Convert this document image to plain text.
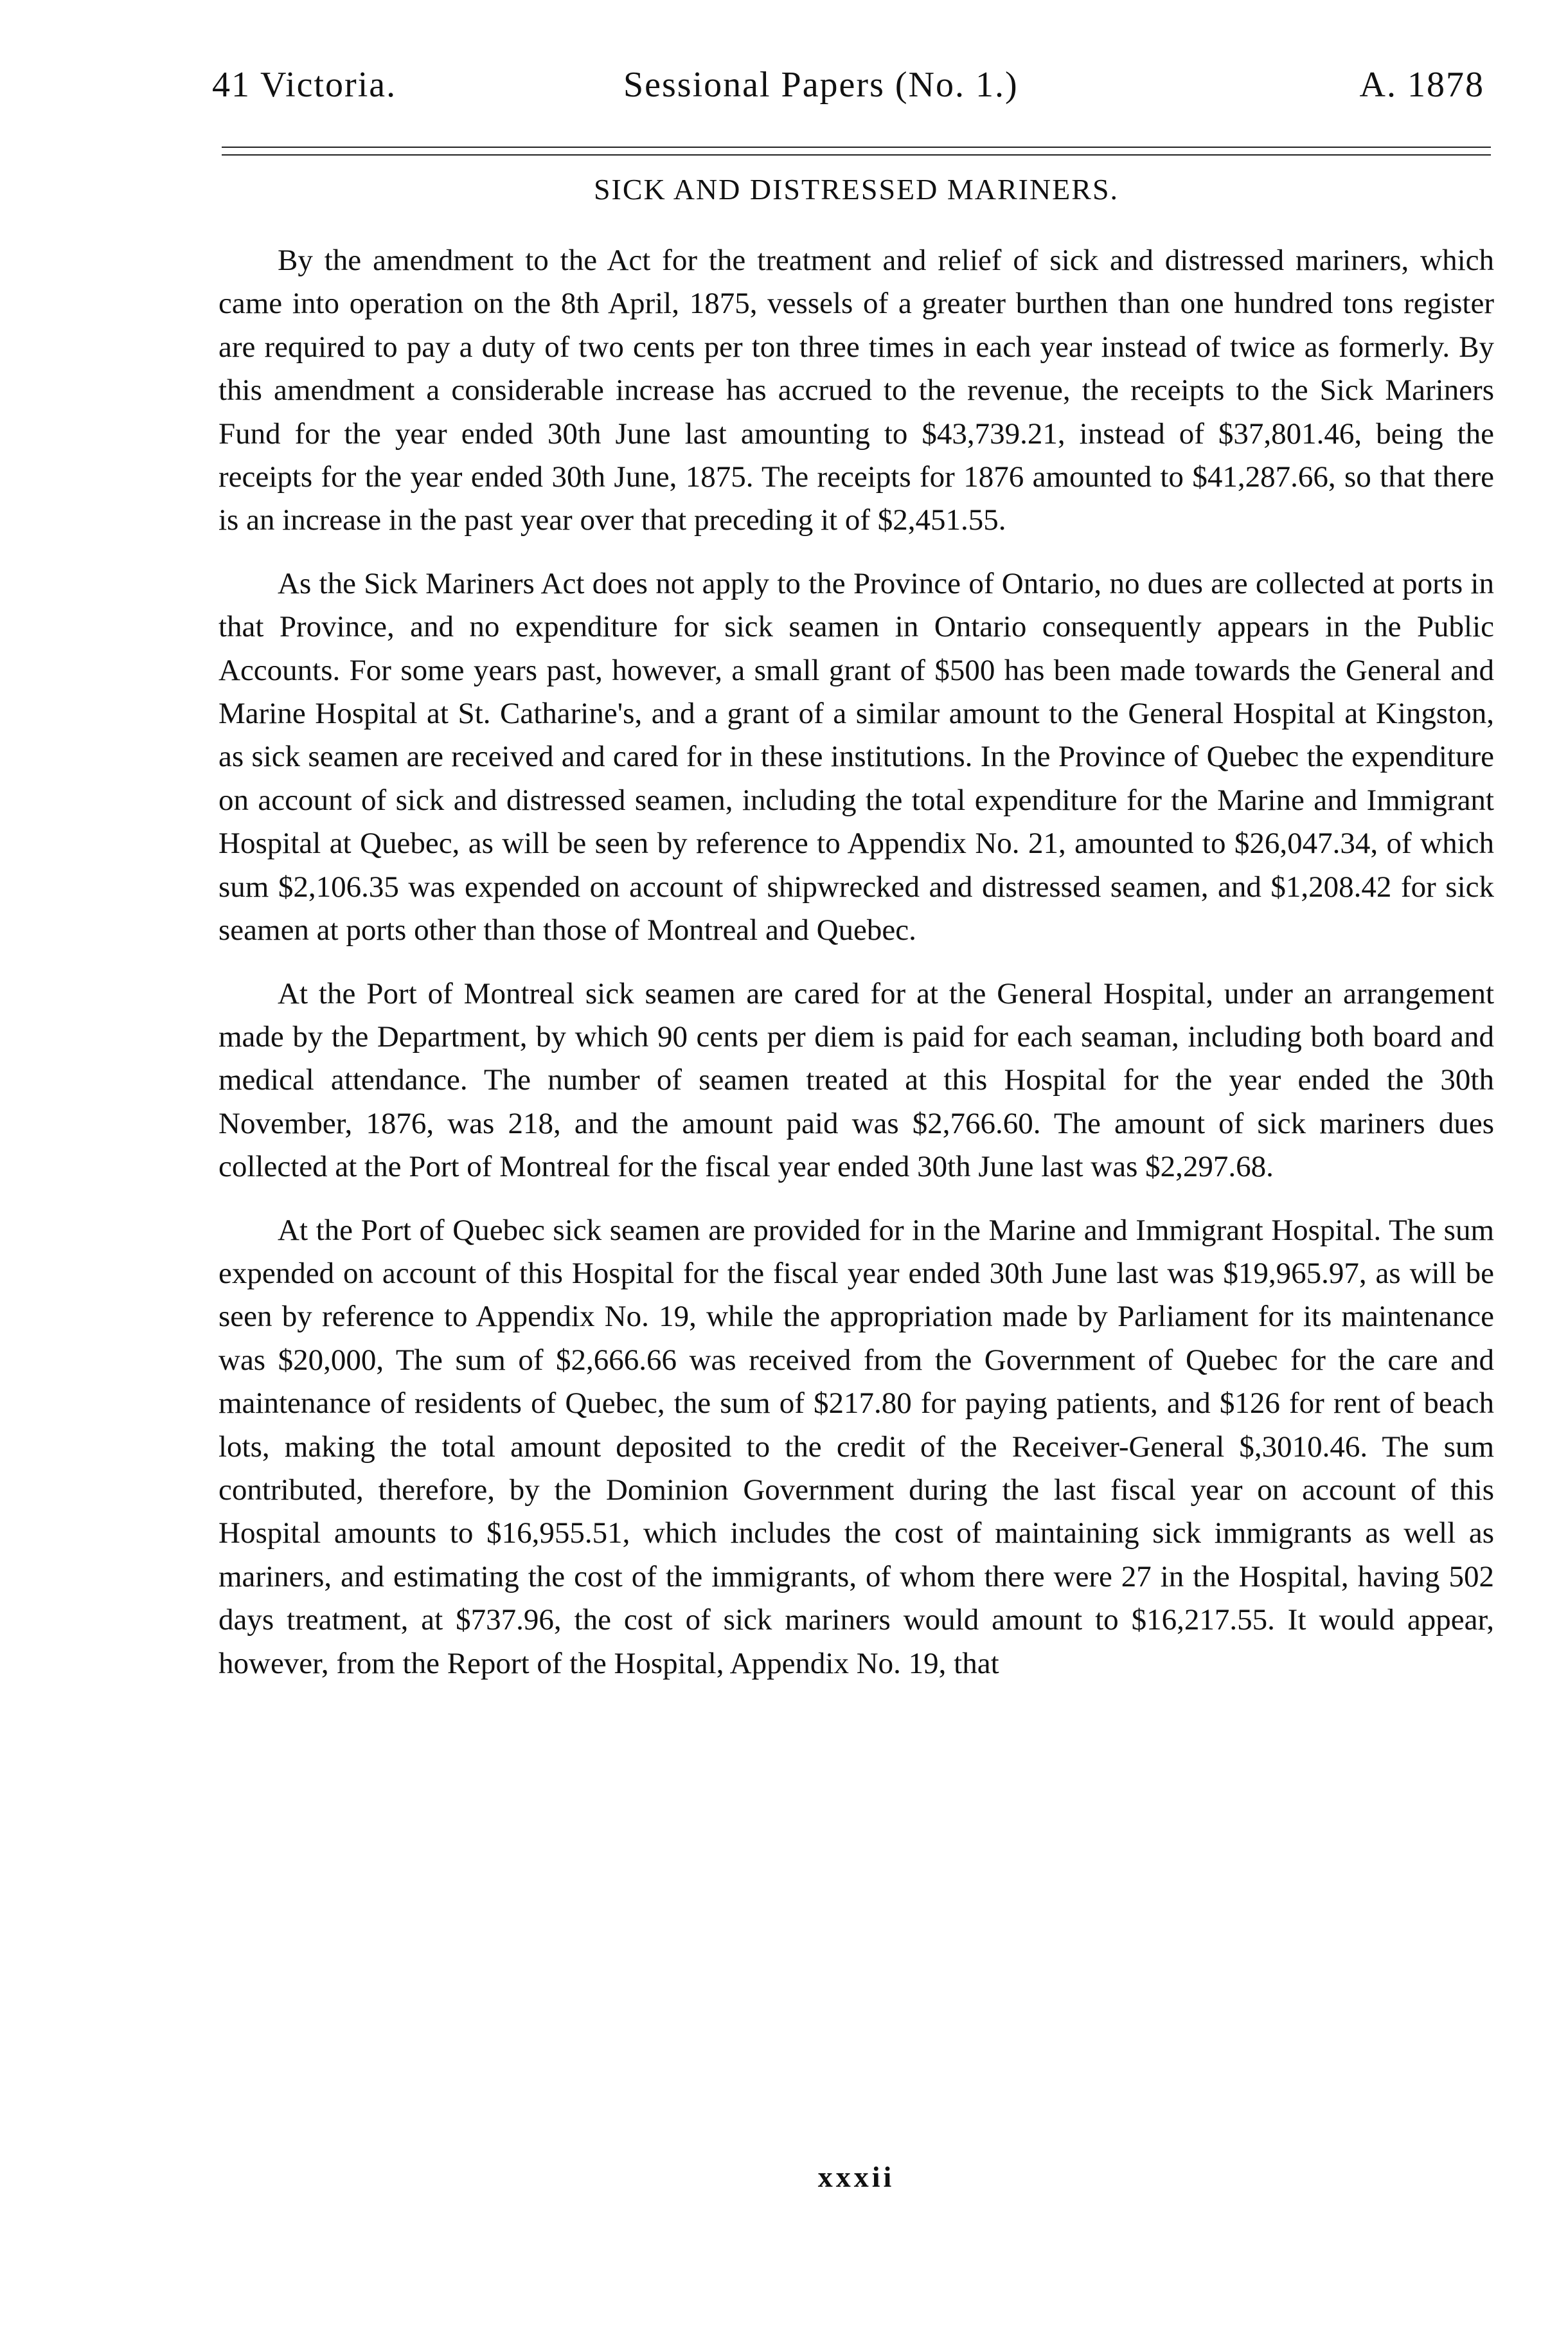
41 Victoria.	Sessional Papers (No. 1.)	A. 1878
SICK AND DISTRESSED MARINERS.

By the amendment to the Act for the treatment and relief of sick and distressed mariners, which came into operation on the 8th April, 1875, vessels of a greater burthen than one hundred tons register are required to pay a duty of two cents per ton three times in each year instead of twice as formerly. By this amendment a considerable increase has accrued to the revenue, the receipts to the Sick Mariners Fund for the year ended 30th June last amounting to $43,739.21, instead of $37,801.46, being the receipts for the year ended 30th June, 1875. The receipts for 1876 amounted to $41,287.66, so that there is an increase in the past year over that preceding it of $2,451.55.

As the Sick Mariners Act does not apply to the Province of Ontario, no dues are collected at ports in that Province, and no expenditure for sick seamen in Ontario consequently appears in the Public Accounts. For some years past, however, a small grant of $500 has been made towards the General and Marine Hospital at St. Catharine's, and a grant of a similar amount to the General Hospital at Kingston, as sick seamen are received and cared for in these institutions. In the Province of Quebec the expenditure on account of sick and distressed seamen, including the total expenditure for the Marine and Immigrant Hospital at Quebec, as will be seen by reference to Appendix No. 21, amounted to $26,047.34, of which sum $2,106.35 was expended on account of shipwrecked and distressed seamen, and $1,208.42 for sick seamen at ports other than those of Montreal and Quebec.

At the Port of Montreal sick seamen are cared for at the General Hospital, under an arrangement made by the Department, by which 90 cents per diem is paid for each seaman, including both board and medical attendance. The number of seamen treated at this Hospital for the year ended the 30th November, 1876, was 218, and the amount paid was $2,766.60. The amount of sick mariners dues collected at the Port of Montreal for the fiscal year ended 30th June last was $2,297.68.

At the Port of Quebec sick seamen are provided for in the Marine and Immigrant Hospital. The sum expended on account of this Hospital for the fiscal year ended 30th June last was $19,965.97, as will be seen by reference to Appendix No. 19, while the appropriation made by Parliament for its maintenance was $20,000, The sum of $2,666.66 was received from the Government of Quebec for the care and maintenance of residents of Quebec, the sum of $217.80 for paying patients, and $126 for rent of beach lots, making the total amount deposited to the credit of the Receiver-General $,3010.46. The sum contributed, therefore, by the Dominion Government during the last fiscal year on account of this Hospital amounts to $16,955.51, which includes the cost of maintaining sick immigrants as well as mariners, and estimating the cost of the immigrants, of whom there were 27 in the Hospital, having 502 days treatment, at $737.96, the cost of sick mariners would amount to $16,217.55. It would appear, however, from the Report of the Hospital, Appendix No. 19, that

xxxii
